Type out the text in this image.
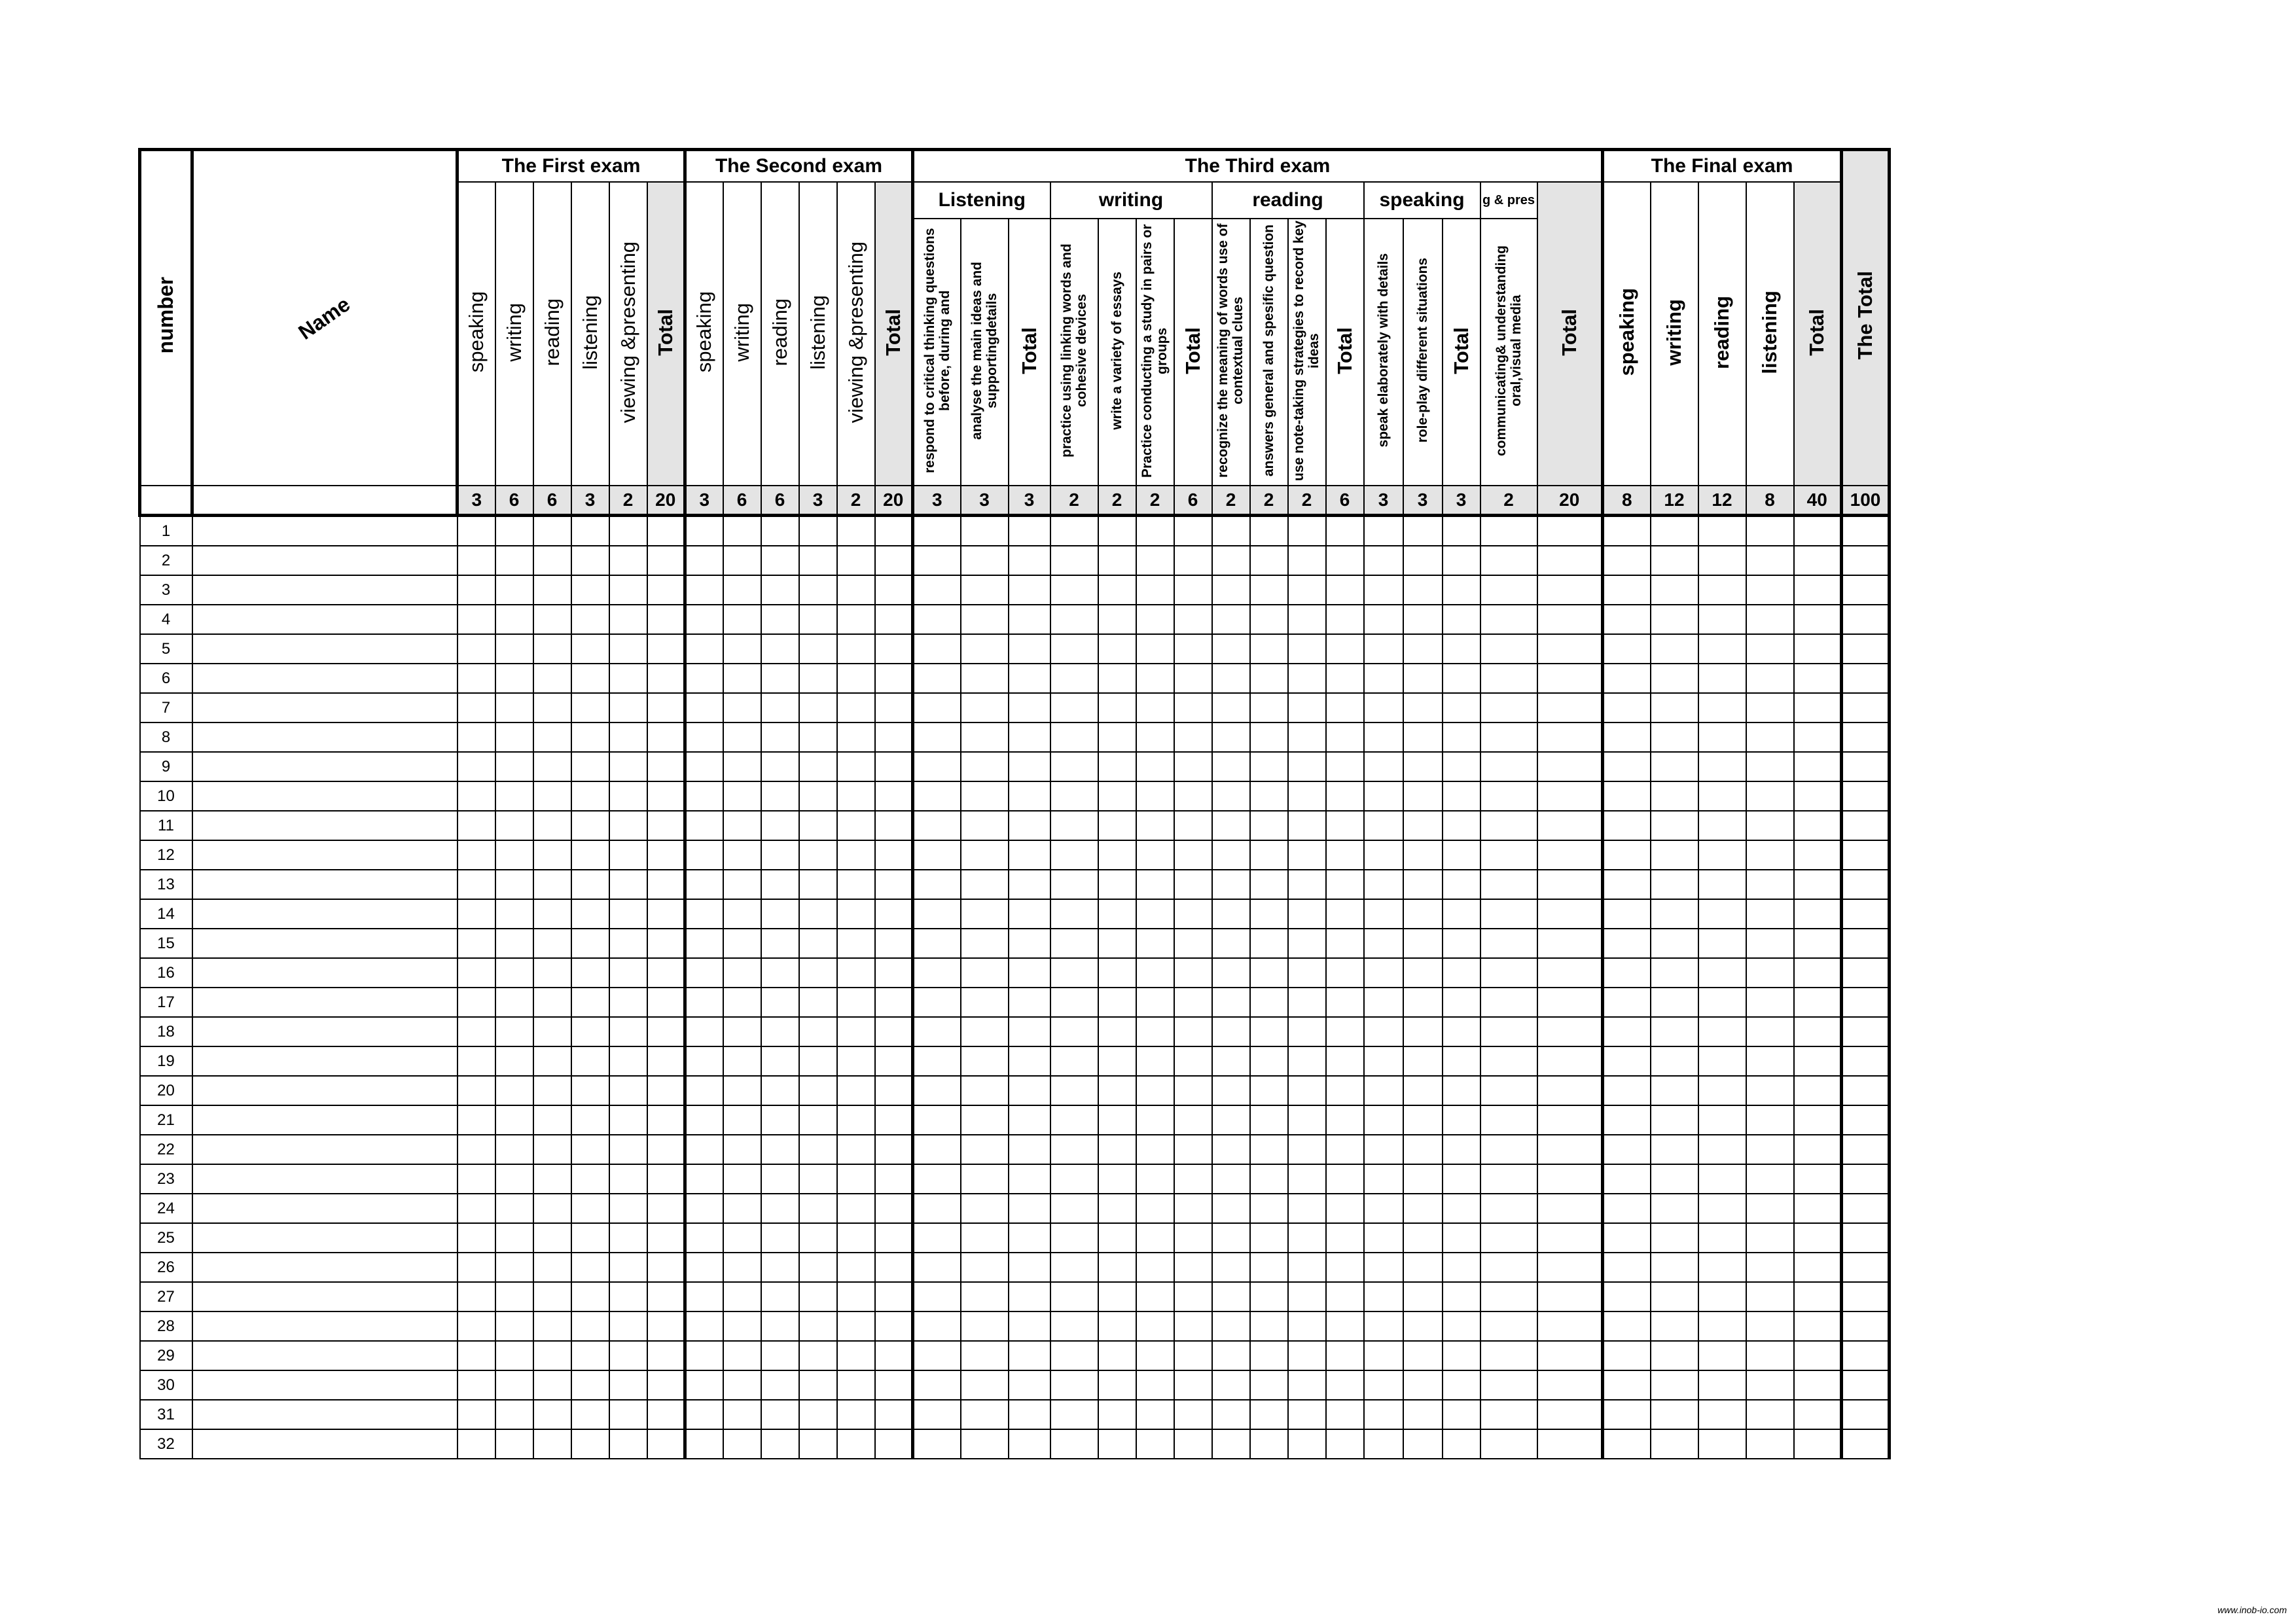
number	Name	The First exam						The Second exam						The Third exam																The Final exam					The Total
		speaking	writing	reading	listening	viewing &presenting	Total	speaking	writing	reading	listening	viewing &presenting	Total	Listening			writing				reading				speaking			g & pres	Total	speaking	writing	reading	listening	Total	
														respond to critical thinking questions before, during and	analyse the main ideas and supportingdetails	Total	practice using linking words and cohesive devices	write a variety of essays	Practice conducting a study in pairs or groups	Total	recognize the meaning of words use of contextual clues	answers general and spesific question	use note-taking strategies to record key ideas	Total	speak elaborately with details	role-play different situations	Total	communicating& understanding oral,visual media							
		3	6	6	3	2	20	3	6	6	3	2	20	3	3	3	2	2	2	6	2	2	2	6	3	3	3	2	20	8	12	12	8	40	100
1																																			
2																																			
3																																			
4																																			
5																																			
6																																			
7																																			
8																																			
9																																			
10																																			
11																																			
12																																			
13																																			
14																																			
15																																			
16																																			
17																																			
18																																			
19																																			
20																																			
21																																			
22																																			
23																																			
24																																			
25																																			
26																																			
27																																			
28																																			
29																																			
30																																			
31																																			
32																																			
www.inob-io.com
